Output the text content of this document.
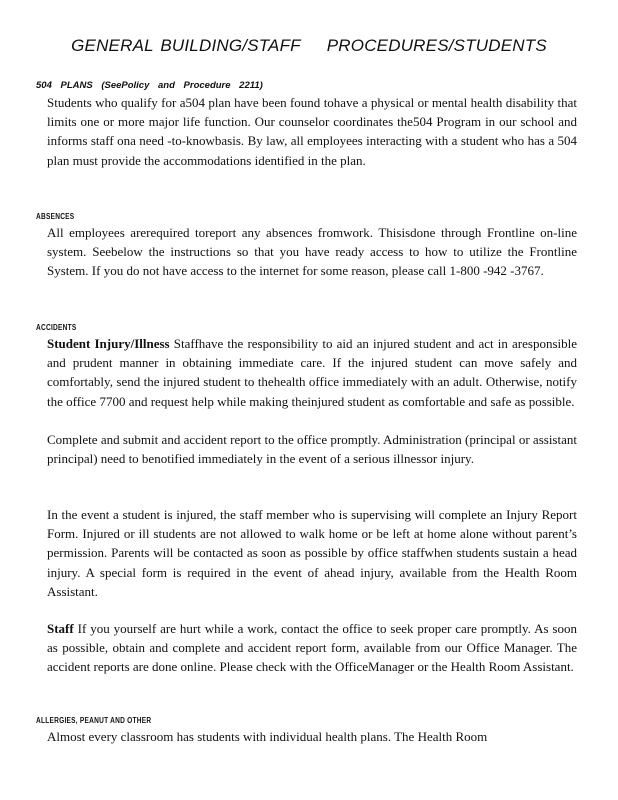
GENERAL BUILDING/STAFF PROCEDURES/STUDENTS
504 PLANS (SeePolicy and Procedure 2211)
Students who qualify for a504 plan have been found tohave a physical or mental health disability that limits one or more major life function. Our counselor coordinates the504 Program in our school and informs staff ona need -to-knowbasis. By law, all employees interacting with a student who has a 504 plan must provide the accommodations identified in the plan.
ABSENCES
All employees arerequired toreport any absences fromwork. Thisisdone through Frontline on-line system. Seebelow the instructions so that you have ready access to how to utilize the Frontline System. If you do not have access to the internet for some reason, please call 1-800 -942 -3767.
ACCIDENTS
Student Injury/Illness Staffhave the responsibility to aid an injured student and act in aresponsible and prudent manner in obtaining immediate care. If the injured student can move safely and comfortably, send the injured student to thehealth office immediately with an adult. Otherwise, notify the office 7700 and request help while making theinjured student as comfortable and safe as possible.
Complete and submit and accident report to the office promptly. Administration (principal or assistant principal) need to benotified immediately in the event of a serious illnessor injury.
In the event a student is injured, the staff member who is supervising will complete an Injury Report Form. Injured or ill students are not allowed to walk home or be left at home alone without parent’s permission. Parents will be contacted as soon as possible by office staffwhen students sustain a head injury. A special form is required in the event of ahead injury, available from the Health Room Assistant.
Staff If you yourself are hurt while a work, contact the office to seek proper care promptly. As soon as possible, obtain and complete and accident report form, available from our Office Manager. The accident reports are done online. Please check with the OfficeManager or the Health Room Assistant.
ALLERGIES, PEANUT AND OTHER
Almost every classroom has students with individual health plans. The Health Room
